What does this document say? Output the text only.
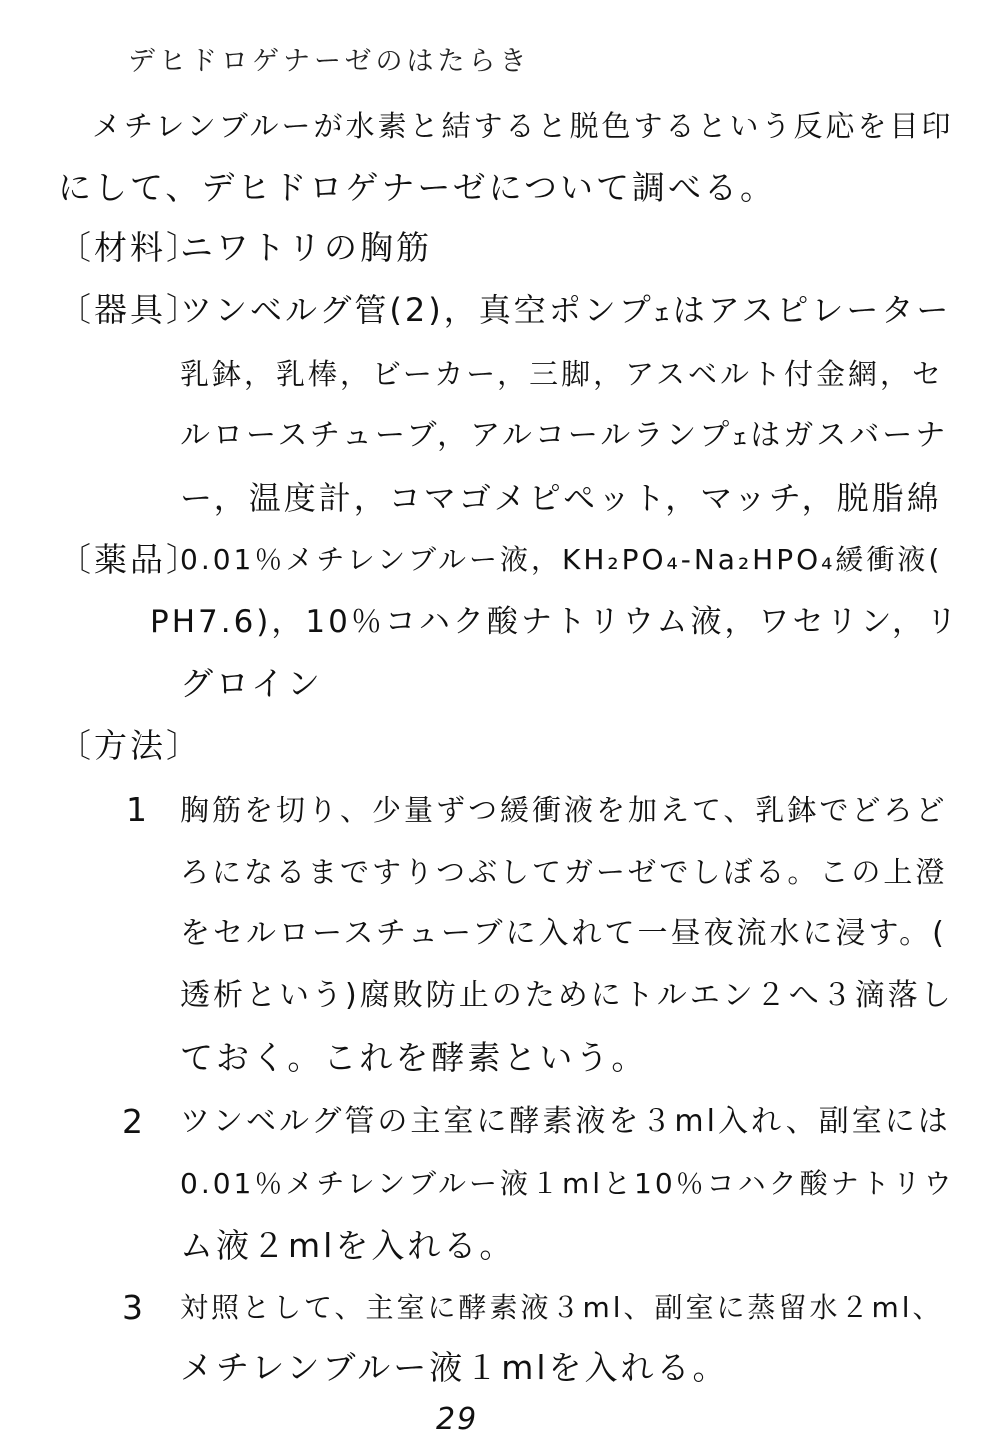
デヒドロゲナーゼのはたらき
メチレンブルーが水素と結すると脱色するという反応を目印
にして、デヒドロゲナーゼについて調べる。
〔材料〕
ニワトリの胸筋
〔器具〕
ツンベルグ管(2)，真空ポンプｪはアスピレーター
乳鉢，乳棒，ビーカー，三脚，アスベルト付金網，セ
ルロースチューブ，アルコールランプｪはガスバーナ
ー，温度計，コマゴメピペット，マッチ，脱脂綿
〔薬品〕
0.01％メチレンブルー液，KH₂PO₄-Na₂HPO₄緩衝液(
PH7.6)，10％コハク酸ナトリウム液，ワセリン，リ
グロイン
〔方法〕
1 胸筋を切り、少量ずつ緩衝液を加えて、乳鉢でどろど
ろになるまですりつぶしてガーゼでしぼる。この上澄
をセルロースチューブに入れて一昼夜流水に浸す。(
透析という)腐敗防止のためにトルエン２へ３滴落し
ておく。これを酵素という。
2 ツンベルグ管の主室に酵素液を３ml入れ、副室には
0.01％メチレンブルー液１mlと10％コハク酸ナトリウ
ム液２mlを入れる。
3 対照として、主室に酵素液３ml、副室に蒸留水２ml、
メチレンブルー液１mlを入れる。
29
